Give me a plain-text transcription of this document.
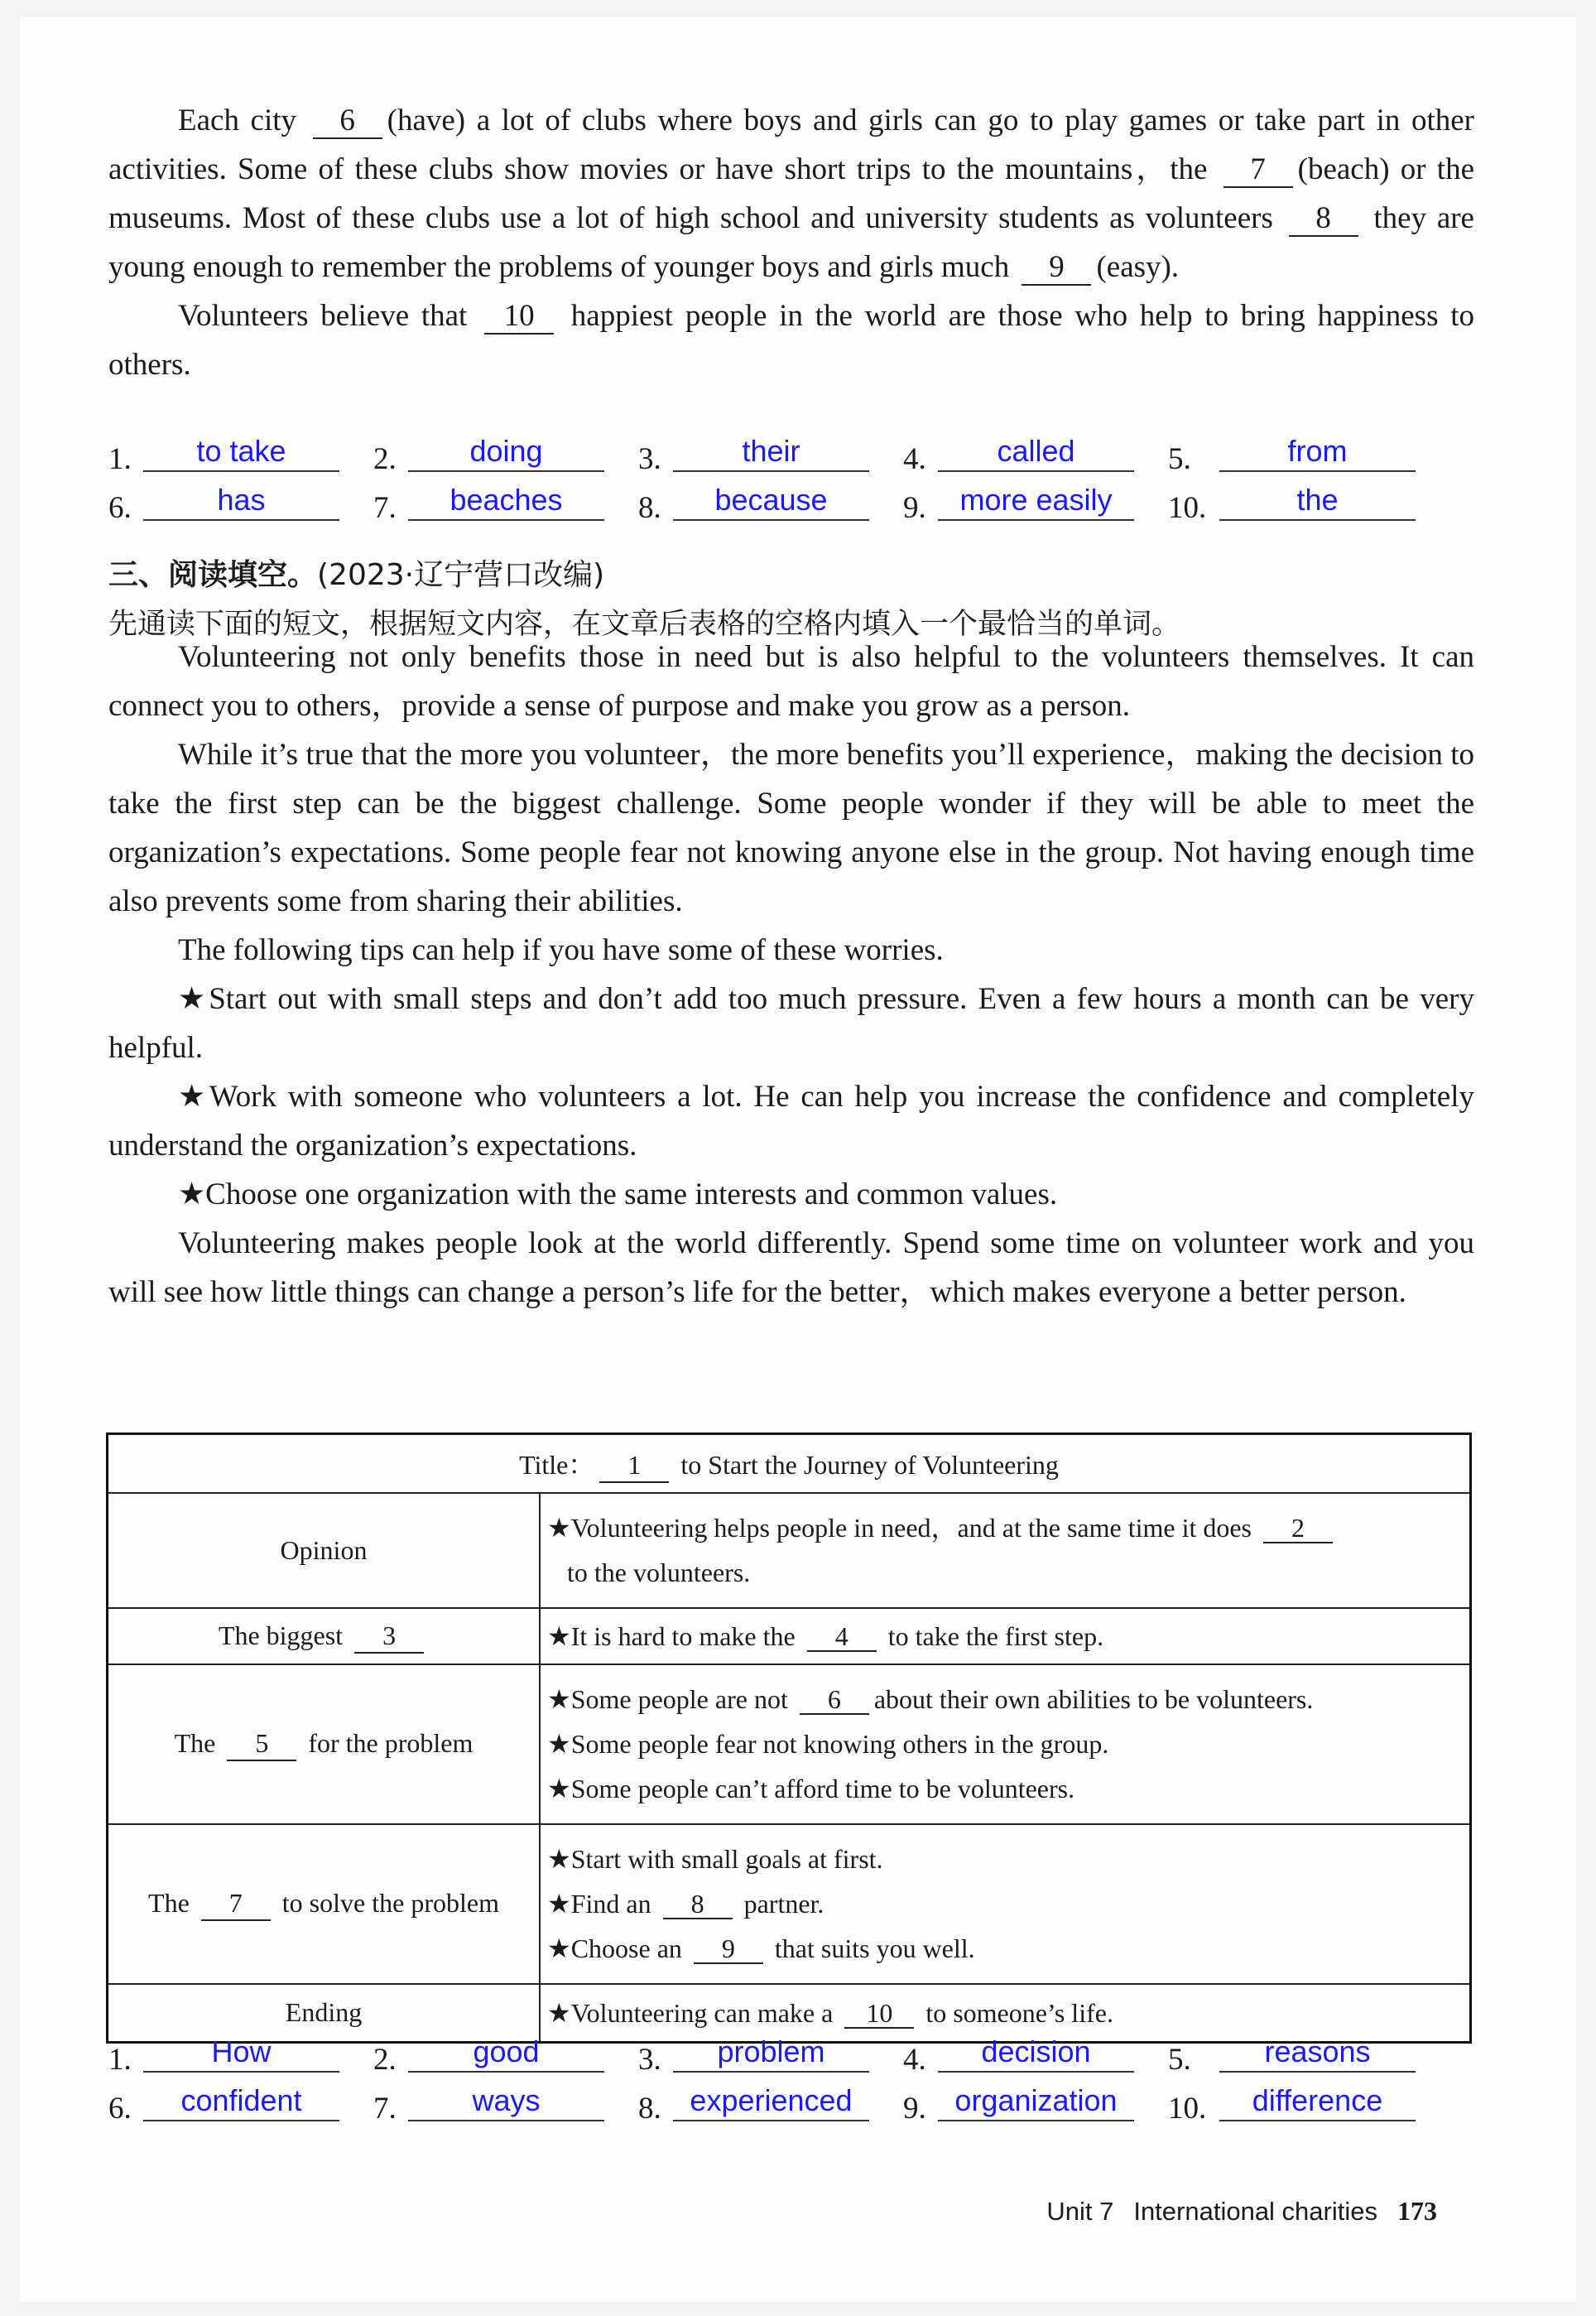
Each city 6 (have) a lot of clubs where boys and girls can go to play games or take part in other activities. Some of these clubs show movies or have short trips to the mountains，the 7 (beach) or the museums. Most of these clubs use a lot of high school and university students as volunteers 8 they are young enough to remember the problems of younger boys and girls much 9 (easy).

Volunteers believe that 10 happiest people in the world are those who help to bring happiness to others.

1.	to take	2.	doing	3.	their	4.	called	5.	from
6.	has	7.	beaches	8.	because	9.	more easily	10.	the
三、阅读填空。(2023·辽宁营口改编)
先通读下面的短文，根据短文内容，在文章后表格的空格内填入一个最恰当的单词。

Volunteering not only benefits those in need but is also helpful to the volunteers themselves. It can connect you to others，provide a sense of purpose and make you grow as a person.

While it’s true that the more you volunteer，the more benefits you’ll experience，making the decision to take the first step can be the biggest challenge. Some people wonder if they will be able to meet the organization’s expectations. Some people fear not knowing anyone else in the group. Not having enough time also prevents some from sharing their abilities.

The following tips can help if you have some of these worries.

★Start out with small steps and don’t add too much pressure. Even a few hours a month can be very helpful.

★Work with someone who volunteers a lot. He can help you increase the confidence and completely understand the organization’s expectations.

★Choose one organization with the same interests and common values.

Volunteering makes people look at the world differently. Spend some time on volunteer work and you will see how little things can change a person’s life for the better，which makes everyone a better person.

Title： 1 to Start the Journey of Volunteering	
Opinion	★Volunteering helps people in need，and at the same time it does 2
to the volunteers.

The biggest 3	★It is hard to make the 4 to take the first step.

The 5 for the problem	★Some people are not 6 about their own abilities to be volunteers.
★Some people fear not knowing others in the group.
★Some people can’t afford time to be volunteers.

The 7 to solve the problem	★Start with small goals at first.
★Find an 8 partner.
★Choose an 9 that suits you well.

Ending	★Volunteering can make a 10 to someone’s life.
1.	How	2.	good	3.	problem	4.	decision	5.	reasons
6.	confident	7.	ways	8. experienced	9. organization	10.	difference
Unit 7 International charities 173
